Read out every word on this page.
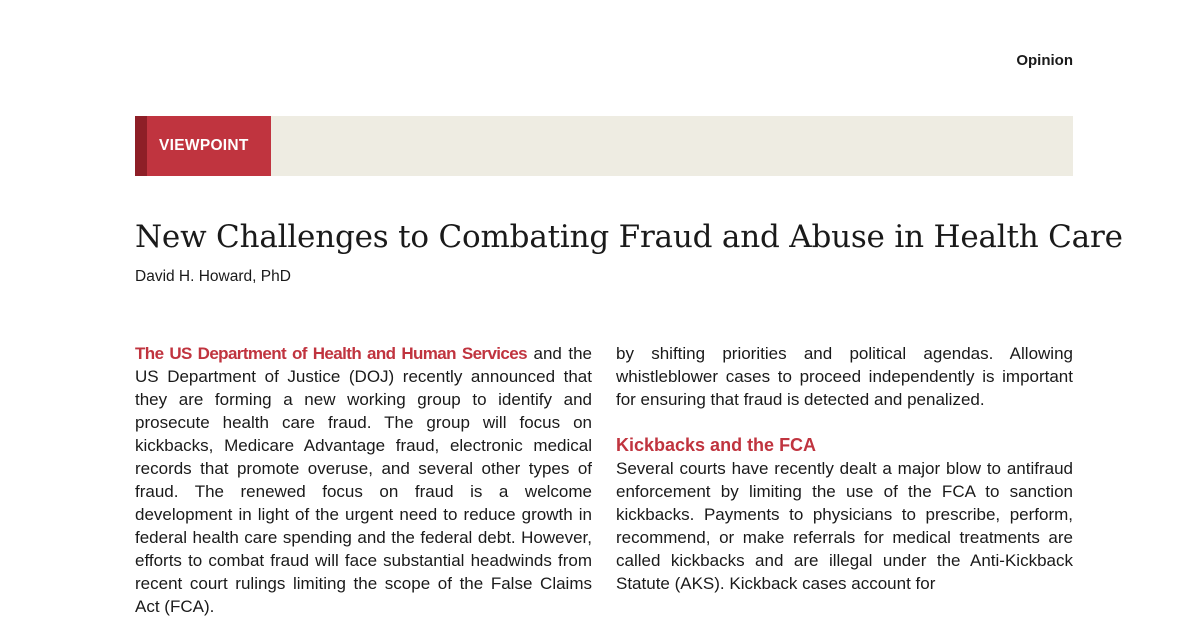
Opinion
VIEWPOINT
New Challenges to Combating Fraud and Abuse in Health Care
David H. Howard, PhD

The US Department of Health and Human Services and the US Department of Justice (DOJ) recently announced that they are forming a new working group to identify and prosecute health care fraud. The group will focus on kickbacks, Medicare Advantage fraud, electronic medical records that promote overuse, and several other types of fraud. The renewed focus on fraud is a welcome development in light of the urgent need to reduce growth in federal health care spending and the federal debt. However, efforts to combat fraud will face substantial headwinds from recent court rulings limiting the scope of the False Claims Act (FCA).

by shifting priorities and political agendas. Allowing whistleblower cases to proceed independently is important for ensuring that fraud is detected and penalized.

Kickbacks and the FCA

Several courts have recently dealt a major blow to antifraud enforcement by limiting the use of the FCA to sanction kickbacks. Payments to physicians to prescribe, perform, recommend, or make referrals for medical treatments are called kickbacks and are illegal under the Anti-Kickback Statute (AKS). Kickback cases account for
